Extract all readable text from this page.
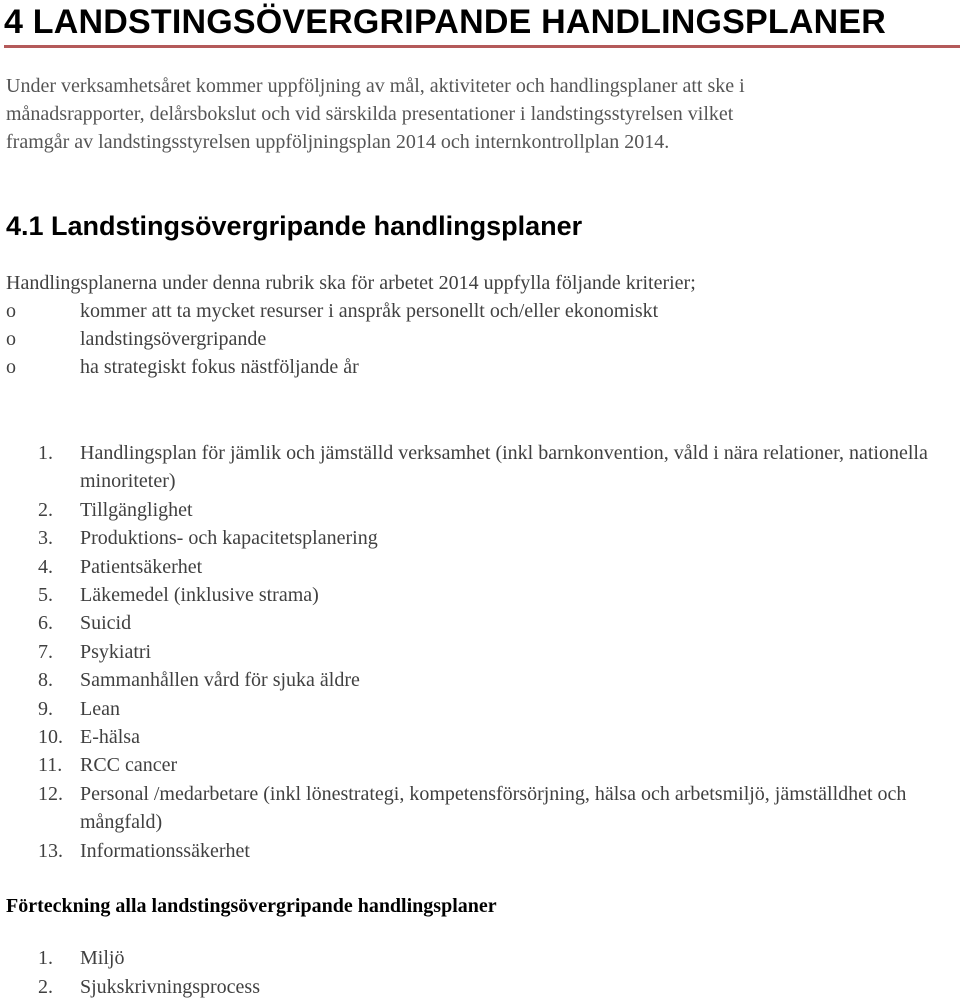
4 LANDSTINGSÖVERGRIPANDE HANDLINGSPLANER
Under verksamhetsåret kommer uppföljning av mål, aktiviteter och handlingsplaner att ske i
månadsrapporter, delårsbokslut och vid särskilda presentationer i landstingsstyrelsen vilket
framgår av landstingsstyrelsen uppföljningsplan 2014 och internkontrollplan 2014.
4.1 Landstingsövergripande handlingsplaner
Handlingsplanerna under denna rubrik ska för arbetet 2014 uppfylla följande kriterier;
o	kommer att ta mycket resurser i anspråk personellt och/eller ekonomiskt
o	landstingsövergripande
o	ha strategiskt fokus nästföljande år
1.	Handlingsplan för jämlik och jämställd verksamhet (inkl barnkonvention, våld i nära relationer, nationella minoriteter)
2.	Tillgänglighet
3.	Produktions- och kapacitetsplanering
4.	Patientsäkerhet
5.	Läkemedel (inklusive strama)
6.	Suicid
7.	Psykiatri
8.	Sammanhållen vård för sjuka äldre
9.	Lean
10. E-hälsa
11. RCC cancer
12. Personal /medarbetare (inkl lönestrategi, kompetensförsörjning, hälsa och arbetsmiljö, jämställdhet och mångfald)
13. Informationssäkerhet
Förteckning alla landstingsövergripande handlingsplaner
1.	Miljö
2.	Sjukskrivningsprocess
